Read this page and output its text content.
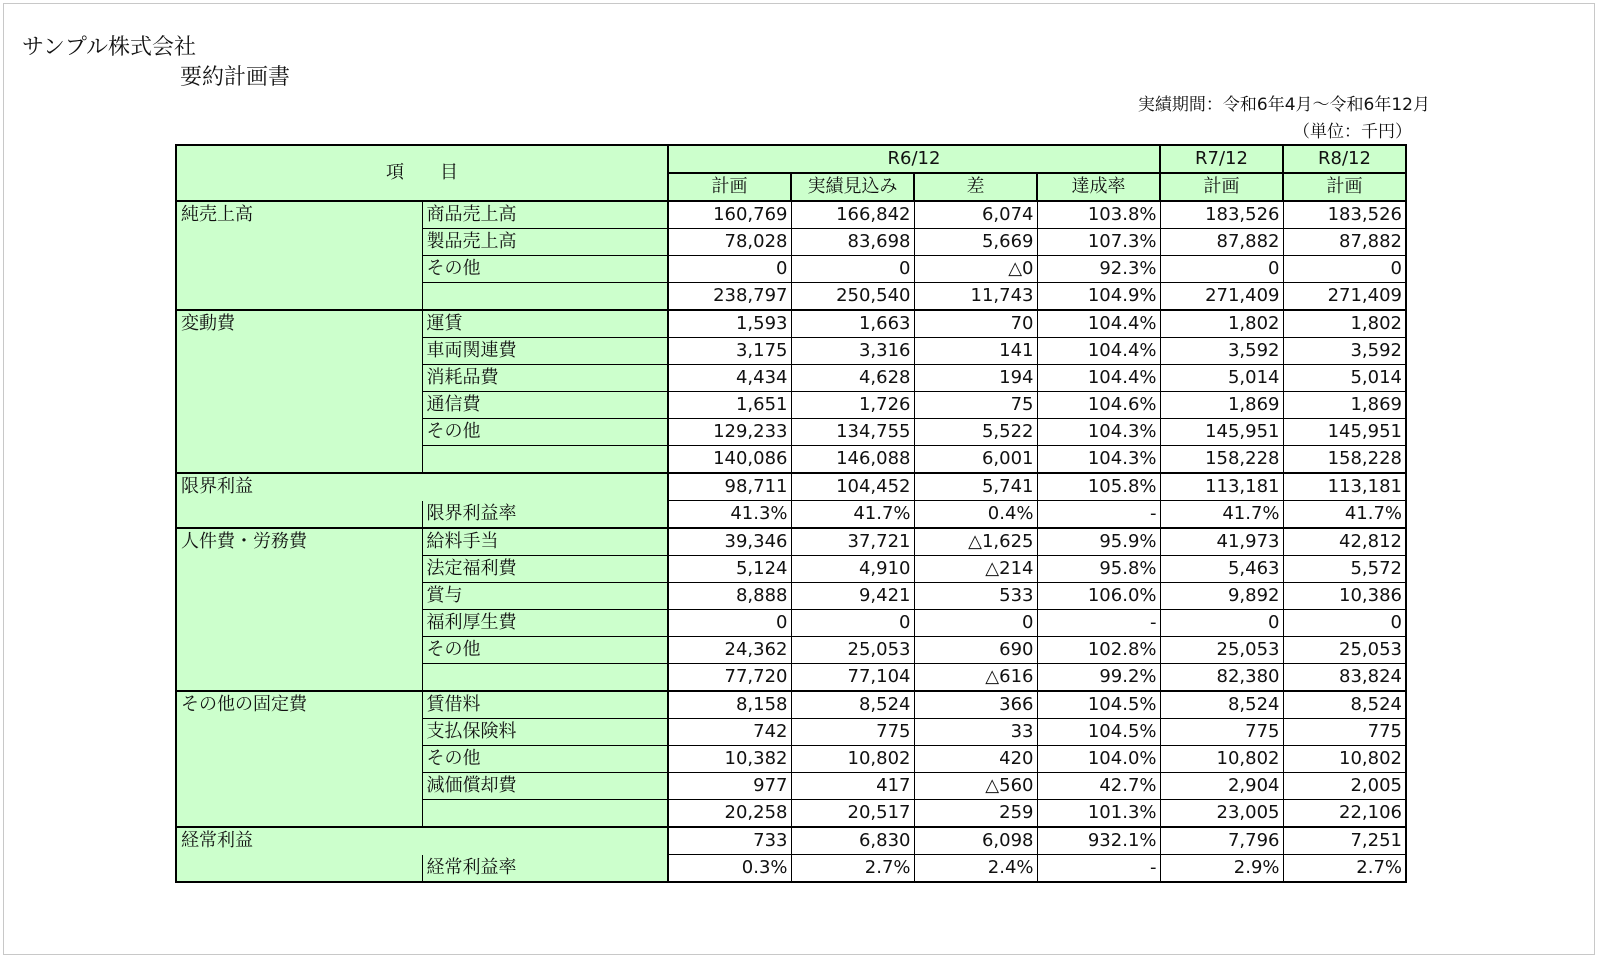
サンプル株式会社
要約計画書
実績期間：令和6年4月～令和6年12月
（単位：千円）
項　　目		R6/12				R7/12	R8/12
		計画	実績見込み	差	達成率	計画	計画
純売上高	商品売上高	160,769	166,842	6,074	103.8%	183,526	183,526
	製品売上高	78,028	83,698	5,669	107.3%	87,882	87,882
	その他	0	0	△0	92.3%	0	0
		238,797	250,540	11,743	104.9%	271,409	271,409
変動費	運賃	1,593	1,663	70	104.4%	1,802	1,802
	車両関連費	3,175	3,316	141	104.4%	3,592	3,592
	消耗品費	4,434	4,628	194	104.4%	5,014	5,014
	通信費	1,651	1,726	75	104.6%	1,869	1,869
	その他	129,233	134,755	5,522	104.3%	145,951	145,951
		140,086	146,088	6,001	104.3%	158,228	158,228
限界利益		98,711	104,452	5,741	105.8%	113,181	113,181
	限界利益率	41.3%	41.7%	0.4%	-	41.7%	41.7%
人件費・労務費	給料手当	39,346	37,721	△1,625	95.9%	41,973	42,812
	法定福利費	5,124	4,910	△214	95.8%	5,463	5,572
	賞与	8,888	9,421	533	106.0%	9,892	10,386
	福利厚生費	0	0	0	-	0	0
	その他	24,362	25,053	690	102.8%	25,053	25,053
		77,720	77,104	△616	99.2%	82,380	83,824
その他の固定費	賃借料	8,158	8,524	366	104.5%	8,524	8,524
	支払保険料	742	775	33	104.5%	775	775
	その他	10,382	10,802	420	104.0%	10,802	10,802
	減価償却費	977	417	△560	42.7%	2,904	2,005
		20,258	20,517	259	101.3%	23,005	22,106
経常利益		733	6,830	6,098	932.1%	7,796	7,251
	経常利益率	0.3%	2.7%	2.4%	-	2.9%	2.7%
